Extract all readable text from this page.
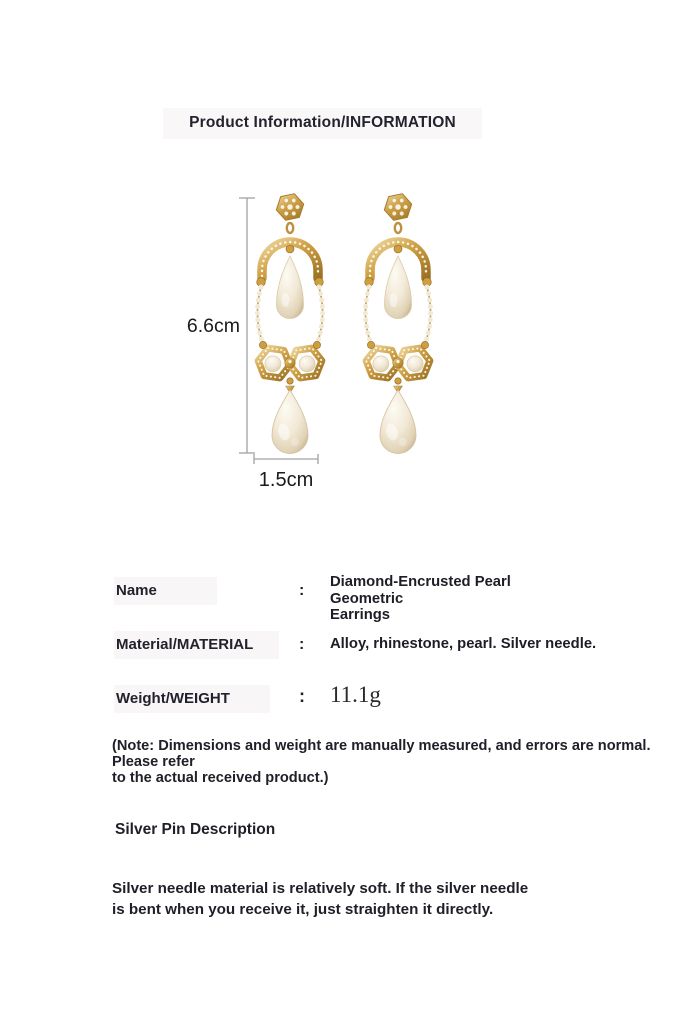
Product Information/INFORMATION
6.6cm
1.5cm
Name	: Diamond-Encrusted Pearl Geometric
Earrings
Material/MATERIAL	: Alloy, rhinestone, pearl. Silver needle.
Weight/WEIGHT	: 11.1g
(Note: Dimensions and weight are manually measured, and errors are normal. Please refer
to the actual received product.)
Silver Pin Description
Silver needle material is relatively soft. If the silver needle
is bent when you receive it, just straighten it directly.
